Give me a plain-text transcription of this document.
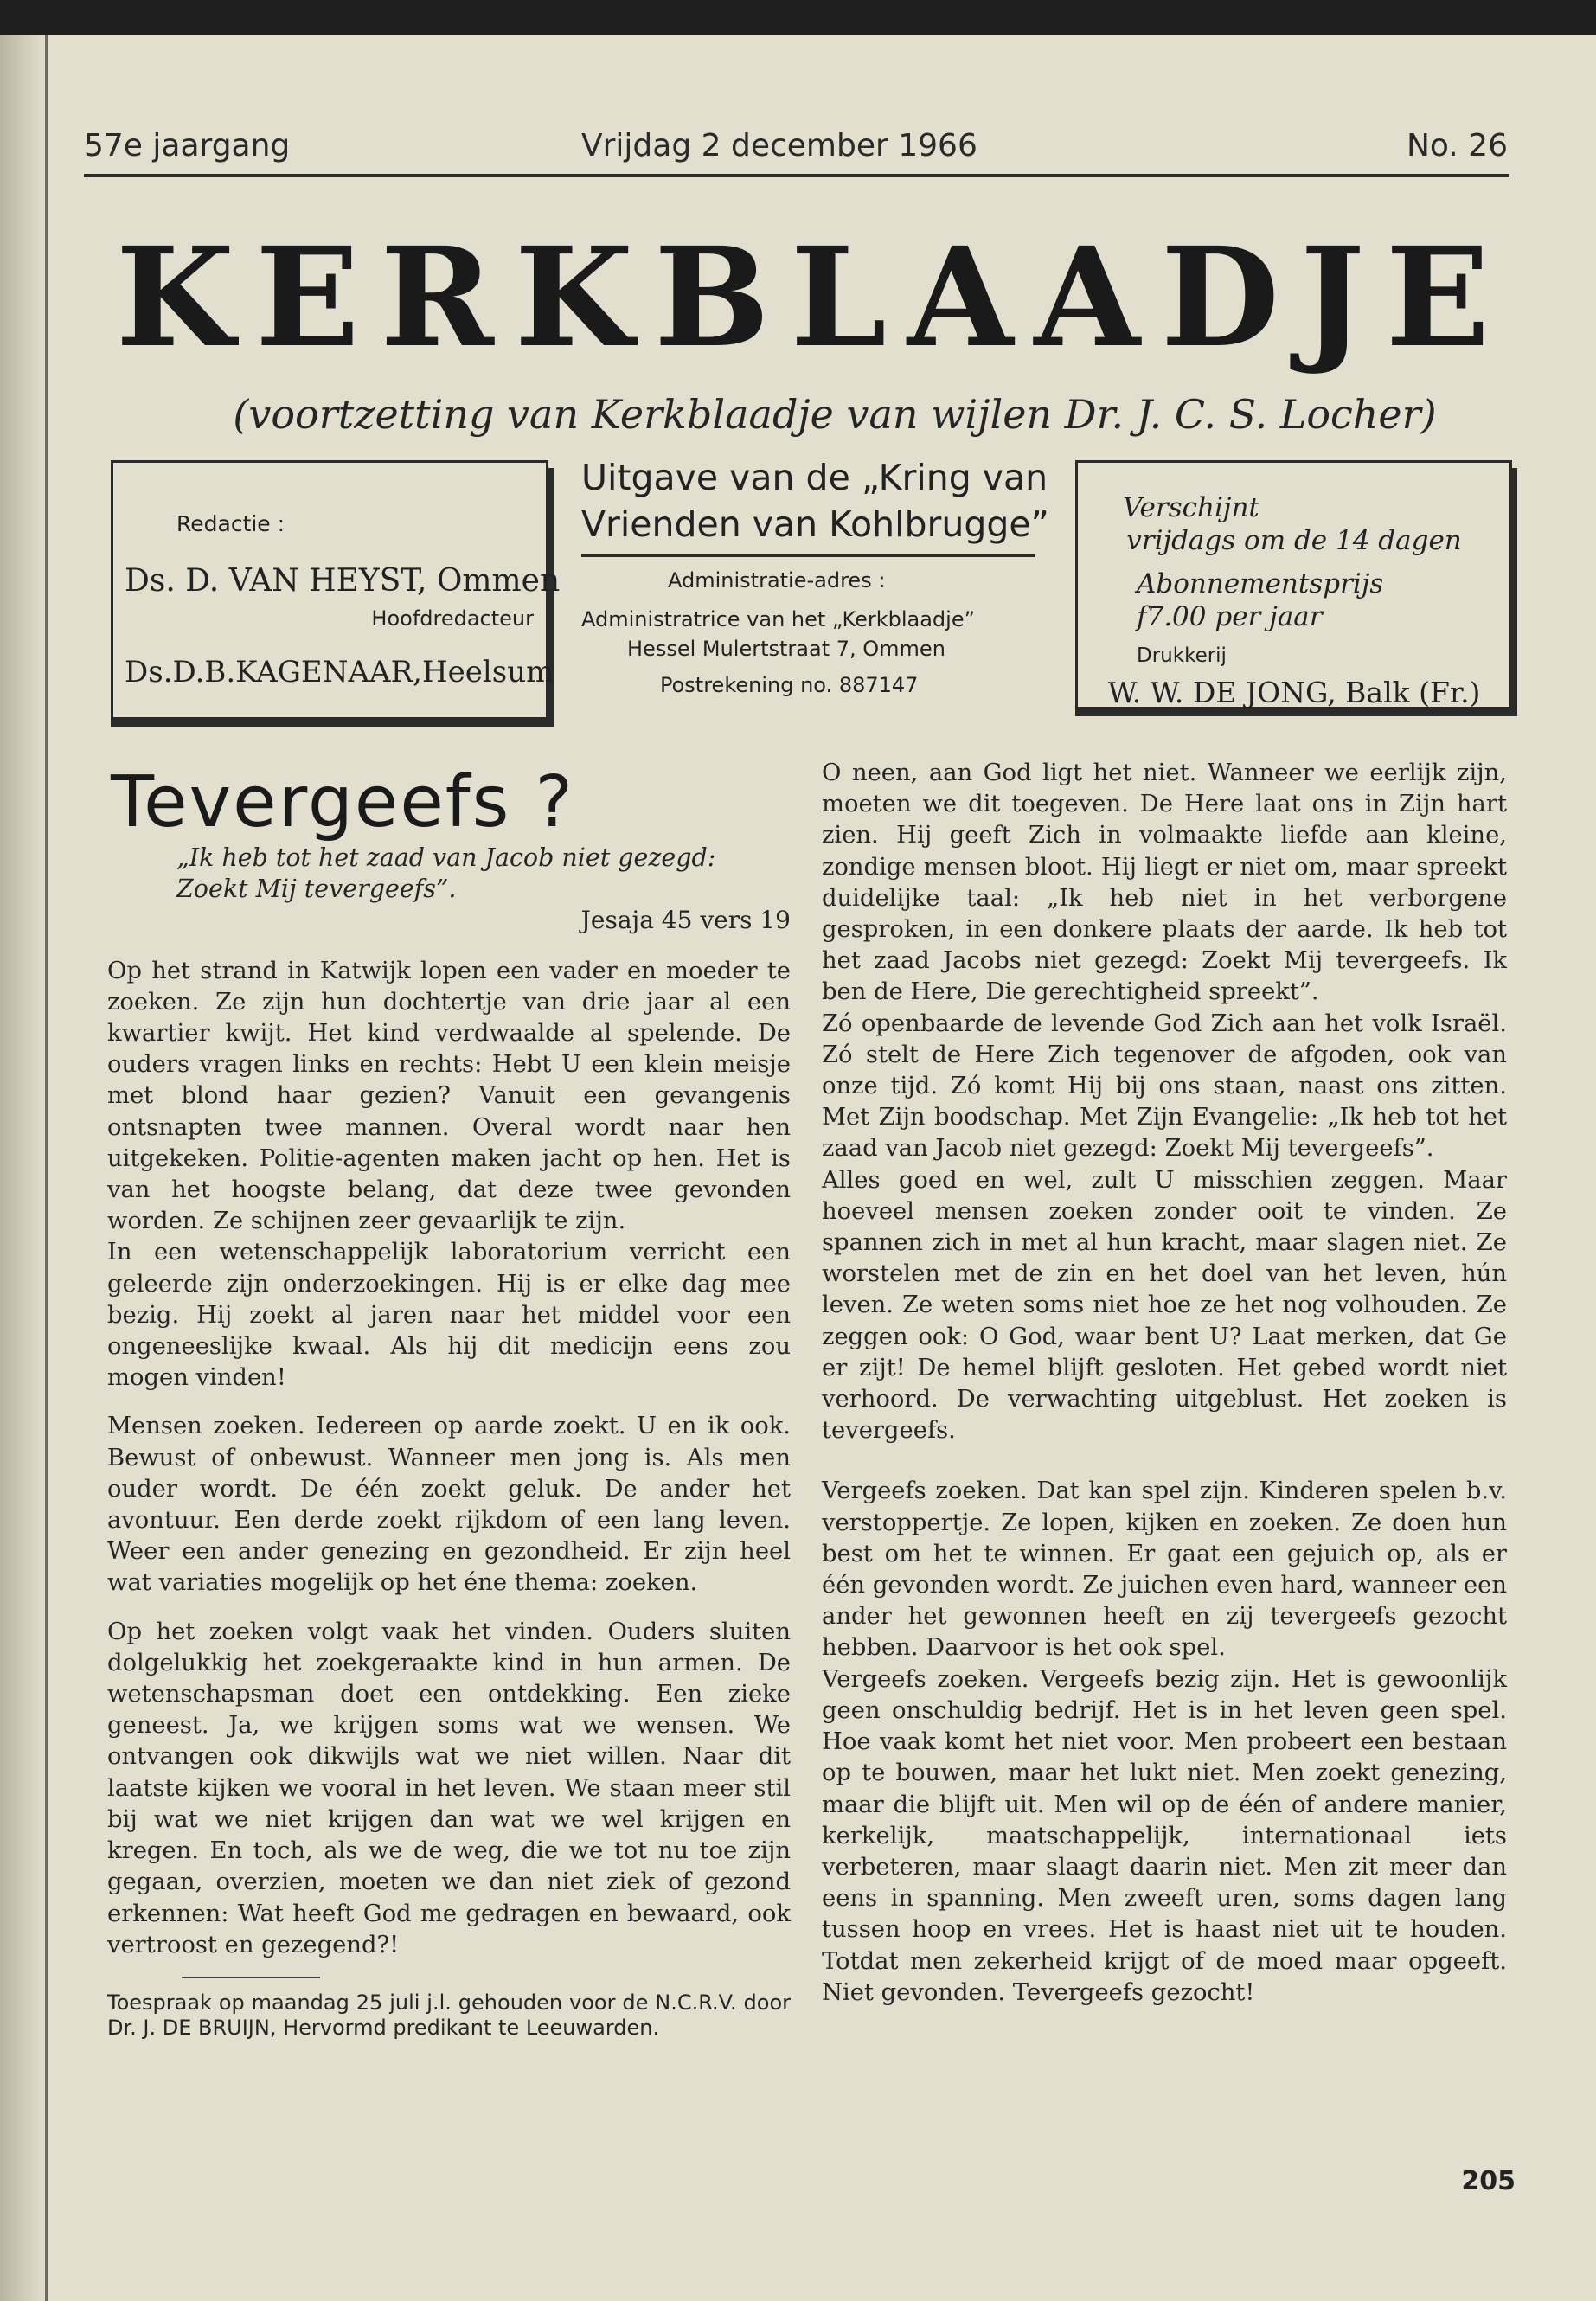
57e jaargang	Vrijdag 2 december 1966	No. 26
KERKBLAADJE
(voortzetting van Kerkblaadje van wijlen Dr. J. C. S. Locher)
Redactie :
Ds. D. VAN HEYST, Ommen
Hoofdredacteur
Ds.D.B.KAGENAAR,Heelsum
Uitgave van de „Kring van
Vrienden van Kohlbrugge”
Administratie-adres :
Administratrice van het „Kerkblaadje”
Hessel Mulertstraat 7, Ommen
Postrekening no. 887147
Verschijnt
vrijdags om de 14 dagen
Abonnementsprijs
f7.00 per jaar
Drukkerij
W. W. DE JONG, Balk (Fr.)
Tevergeefs ?

„Ik heb tot het zaad van Jacob niet gezegd: Zoekt Mij tevergeefs”.

Jesaja 45 vers 19

Op het strand in Katwijk lopen een vader en moeder te zoeken. Ze zijn hun dochtertje van drie jaar al een kwartier kwijt. Het kind verdwaalde al spelende. De ouders vragen links en rechts: Hebt U een klein meisje met blond haar gezien? Vanuit een gevangenis ontsnapten twee mannen. Overal wordt naar hen uitgekeken. Politie-agenten maken jacht op hen. Het is van het hoogste belang, dat deze twee gevonden worden. Ze schijnen zeer gevaarlijk te zijn.

In een wetenschappelijk laboratorium verricht een geleerde zijn onderzoekingen. Hij is er elke dag mee bezig. Hij zoekt al jaren naar het middel voor een ongeneeslijke kwaal. Als hij dit medicijn eens zou mogen vinden!

Mensen zoeken. Iedereen op aarde zoekt. U en ik ook. Bewust of onbewust. Wanneer men jong is. Als men ouder wordt. De één zoekt geluk. De ander het avontuur. Een derde zoekt rijkdom of een lang leven. Weer een ander genezing en gezondheid. Er zijn heel wat variaties mogelijk op het éne thema: zoeken.

Op het zoeken volgt vaak het vinden. Ouders sluiten dolgelukkig het zoekgeraakte kind in hun armen. De wetenschapsman doet een ontdekking. Een zieke geneest. Ja, we krijgen soms wat we wensen. We ontvangen ook dikwijls wat we niet willen. Naar dit laatste kijken we vooral in het leven. We staan meer stil bij wat we niet krijgen dan wat we wel krijgen en kregen. En toch, als we de weg, die we tot nu toe zijn gegaan, overzien, moeten we dan niet ziek of gezond erkennen: Wat heeft God me gedragen en bewaard, ook vertroost en gezegend?!

Toespraak op maandag 25 juli j.l. gehouden voor de N.C.R.V. door Dr. J. DE BRUIJN, Hervormd predikant te Leeuwarden.

O neen, aan God ligt het niet. Wanneer we eerlijk zijn, moeten we dit toegeven. De Here laat ons in Zijn hart zien. Hij geeft Zich in volmaakte liefde aan kleine, zondige mensen bloot. Hij liegt er niet om, maar spreekt duidelijke taal: „Ik heb niet in het verborgene gesproken, in een donkere plaats der aarde. Ik heb tot het zaad Jacobs niet gezegd: Zoekt Mij tevergeefs. Ik ben de Here, Die gerechtigheid spreekt”.

Zó openbaarde de levende God Zich aan het volk Israël. Zó stelt de Here Zich tegenover de afgoden, ook van onze tijd. Zó komt Hij bij ons staan, naast ons zitten. Met Zijn boodschap. Met Zijn Evangelie: „Ik heb tot het zaad van Jacob niet gezegd: Zoekt Mij tevergeefs”.

Alles goed en wel, zult U misschien zeggen. Maar hoeveel mensen zoeken zonder ooit te vinden. Ze spannen zich in met al hun kracht, maar slagen niet. Ze worstelen met de zin en het doel van het leven, hún leven. Ze weten soms niet hoe ze het nog volhouden. Ze zeggen ook: O God, waar bent U? Laat merken, dat Ge er zijt! De hemel blijft gesloten. Het gebed wordt niet verhoord. De verwachting uitgeblust. Het zoeken is tevergeefs.

Vergeefs zoeken. Dat kan spel zijn. Kinderen spelen b.v. verstoppertje. Ze lopen, kijken en zoeken. Ze doen hun best om het te winnen. Er gaat een gejuich op, als er één gevonden wordt. Ze juichen even hard, wanneer een ander het gewonnen heeft en zij tevergeefs gezocht hebben. Daarvoor is het ook spel.

Vergeefs zoeken. Vergeefs bezig zijn. Het is gewoonlijk geen onschuldig bedrijf. Het is in het leven geen spel. Hoe vaak komt het niet voor. Men probeert een bestaan op te bouwen, maar het lukt niet. Men zoekt genezing, maar die blijft uit. Men wil op de één of andere manier, kerkelijk, maatschappelijk, internationaal iets verbeteren, maar slaagt daarin niet. Men zit meer dan eens in spanning. Men zweeft uren, soms dagen lang tussen hoop en vrees. Het is haast niet uit te houden. Totdat men zekerheid krijgt of de moed maar opgeeft. Niet gevonden. Tevergeefs gezocht!

205
